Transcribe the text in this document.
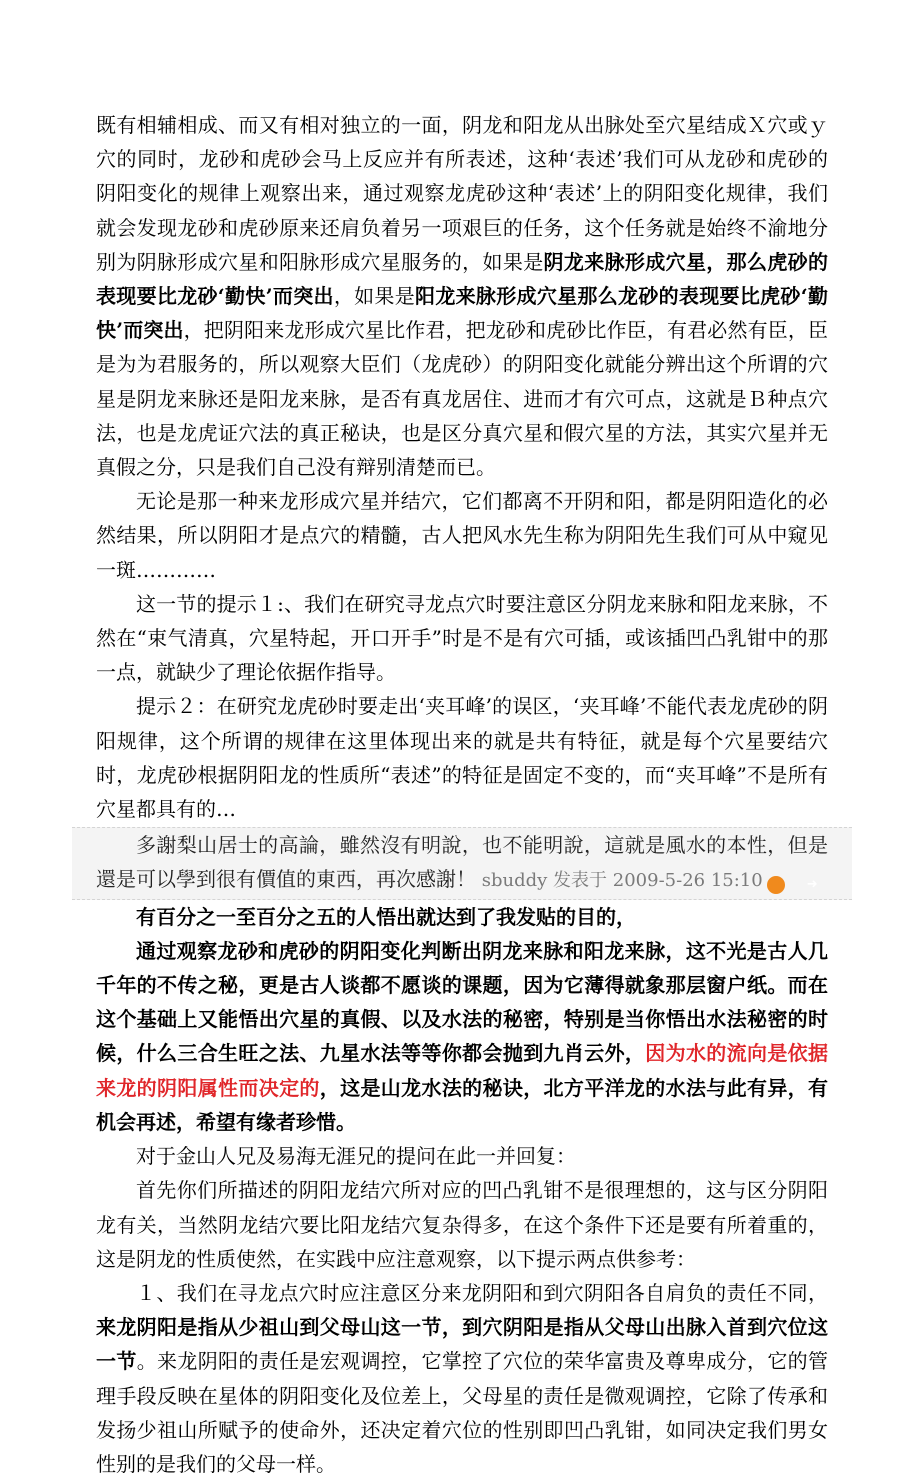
既有相辅相成、而又有相对独立的一面，阴龙和阳龙从出脉处至穴星结成Ｘ穴或ｙ穴的同时，龙砂和虎砂会马上反应并有所表述，这种‘表述’我们可从龙砂和虎砂的阴阳变化的规律上观察出来，通过观察龙虎砂这种‘表述’上的阴阳变化规律，我们就会发现龙砂和虎砂原来还肩负着另一项艰巨的任务，这个任务就是始终不渝地分别为阴脉形成穴星和阳脉形成穴星服务的，如果是阴龙来脉形成穴星，那么虎砂的表现要比龙砂‘勤快’而突出，如果是阳龙来脉形成穴星那么龙砂的表现要比虎砂‘勤快’而突出，把阴阳来龙形成穴星比作君，把龙砂和虎砂比作臣，有君必然有臣，臣是为为君服务的，所以观察大臣们（龙虎砂）的阴阳变化就能分辨出这个所谓的穴星是阴龙来脉还是阳龙来脉，是否有真龙居住、进而才有穴可点，这就是Ｂ种点穴法，也是龙虎证穴法的真正秘诀，也是区分真穴星和假穴星的方法，其实穴星并无真假之分，只是我们自己没有辩别清楚而已。

无论是那一种来龙形成穴星并结穴，它们都离不开阴和阳，都是阴阳造化的必然结果，所以阴阳才是点穴的精髓，古人把风水先生称为阴阳先生我们可从中窥见一斑…………

这一节的提示１:、我们在研究寻龙点穴时要注意区分阴龙来脉和阳龙来脉，不然在“束气清真，穴星特起，开口开手”时是不是有穴可插，或该插凹凸乳钳中的那一点，就缺少了理论依据作指导。

提示２：在研究龙虎砂时要走出‘夹耳峰’的误区，‘夹耳峰’不能代表龙虎砂的阴阳规律，这个所谓的规律在这里体现出来的就是共有特征，就是每个穴星要结穴时，龙虎砂根据阴阳龙的性质所“表述”的特征是固定不变的，而“夹耳峰”不是所有穴星都具有的…

多謝梨山居士的高論，雖然沒有明說，也不能明說，這就是風水的本性，但是還是可以學到很有價值的東西，再次感謝！ sbuddy 发表于 2009-5-26 15:10	➜

有百分之一至百分之五的人悟出就达到了我发贴的目的，

通过观察龙砂和虎砂的阴阳变化判断出阴龙来脉和阳龙来脉，这不光是古人几千年的不传之秘，更是古人谈都不愿谈的课题，因为它薄得就象那层窗户纸。而在这个基础上又能悟出穴星的真假、以及水法的秘密，特别是当你悟出水法秘密的时候，什么三合生旺之法、九星水法等等你都会抛到九肖云外，因为水的流向是依据来龙的阴阳属性而决定的，这是山龙水法的秘诀，北方平洋龙的水法与此有异，有机会再述，希望有缘者珍惜。

对于金山人兄及易海无涯兄的提问在此一并回复：

首先你们所描述的阴阳龙结穴所对应的凹凸乳钳不是很理想的，这与区分阴阳龙有关，当然阴龙结穴要比阳龙结穴复杂得多，在这个条件下还是要有所着重的，这是阴龙的性质使然，在实践中应注意观察，以下提示两点供参考：

１、我们在寻龙点穴时应注意区分来龙阴阳和到穴阴阳各自肩负的责任不同，来龙阴阳是指从少祖山到父母山这一节，到穴阴阳是指从父母山出脉入首到穴位这一节。来龙阴阳的责任是宏观调控，它掌控了穴位的荣华富贵及尊卑成分，它的管理手段反映在星体的阴阳变化及位差上，父母星的责任是微观调控，它除了传承和发扬少祖山所赋予的使命外，还决定着穴位的性别即凹凸乳钳，如同决定我们男女性别的是我们的父母一样。
